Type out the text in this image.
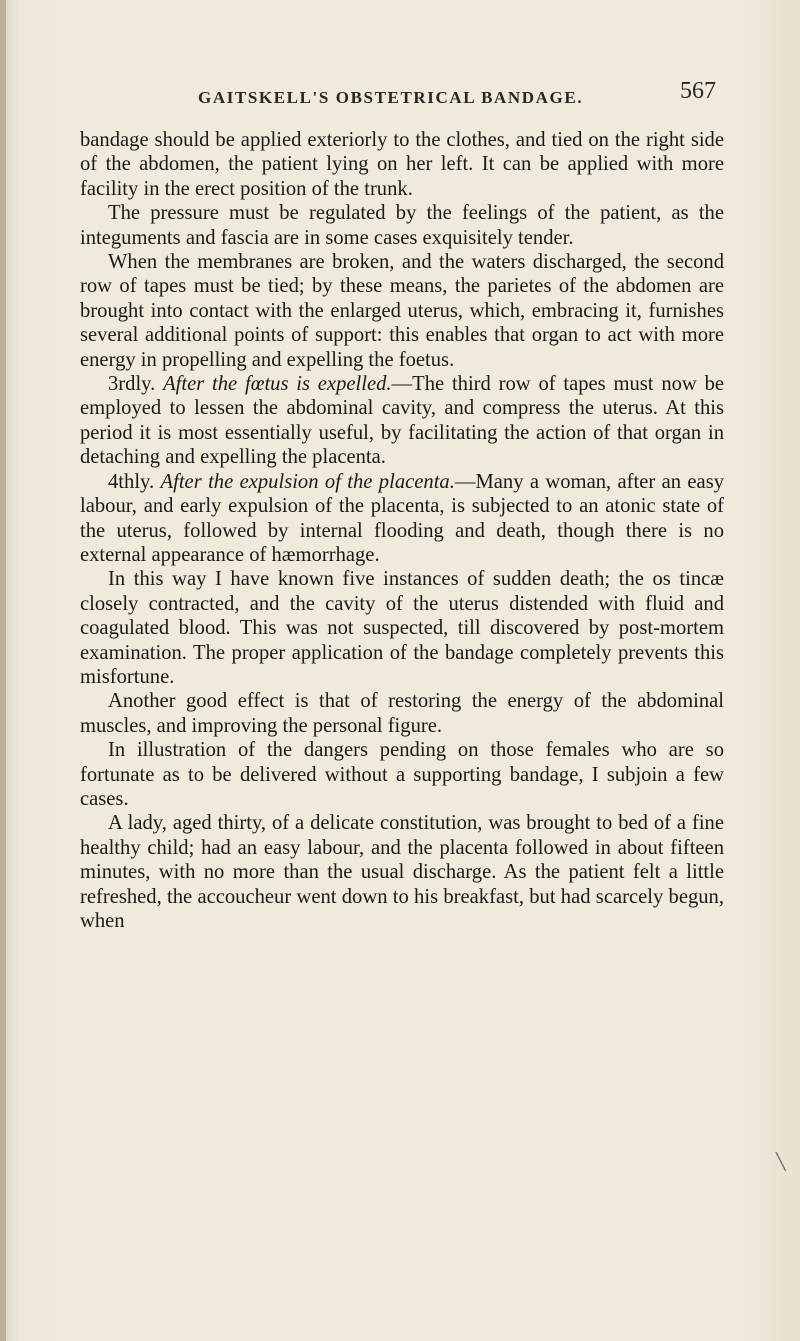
GAITSKELL'S OBSTETRICAL BANDAGE.	567

bandage should be applied exteriorly to the clothes, and tied on the right side of the abdomen, the patient lying on her left. It can be applied with more facility in the erect position of the trunk.

The pressure must be regulated by the feelings of the patient, as the integuments and fascia are in some cases exquisitely tender.

When the membranes are broken, and the waters discharged, the second row of tapes must be tied; by these means, the parietes of the abdomen are brought into contact with the enlarged uterus, which, embracing it, furnishes several additional points of support: this enables that organ to act with more energy in propelling and expelling the foetus.

3rdly. After the fœtus is expelled.—The third row of tapes must now be employed to lessen the abdominal cavity, and compress the uterus. At this period it is most essentially useful, by facilitating the action of that organ in detaching and expelling the placenta.

4thly. After the expulsion of the placenta.—Many a woman, after an easy labour, and early expulsion of the placenta, is subjected to an atonic state of the uterus, followed by internal flooding and death, though there is no external appearance of hæmorrhage.

In this way I have known five instances of sudden death; the os tincæ closely contracted, and the cavity of the uterus distended with fluid and coagulated blood. This was not suspected, till discovered by post-mortem examination. The proper application of the bandage completely prevents this misfortune.

Another good effect is that of restoring the energy of the abdominal muscles, and improving the personal figure.

In illustration of the dangers pending on those females who are so fortunate as to be delivered without a supporting bandage, I subjoin a few cases.

A lady, aged thirty, of a delicate constitution, was brought to bed of a fine healthy child; had an easy labour, and the placenta followed in about fifteen minutes, with no more than the usual discharge. As the patient felt a little refreshed, the accoucheur went down to his breakfast, but had scarcely begun, when

╲
